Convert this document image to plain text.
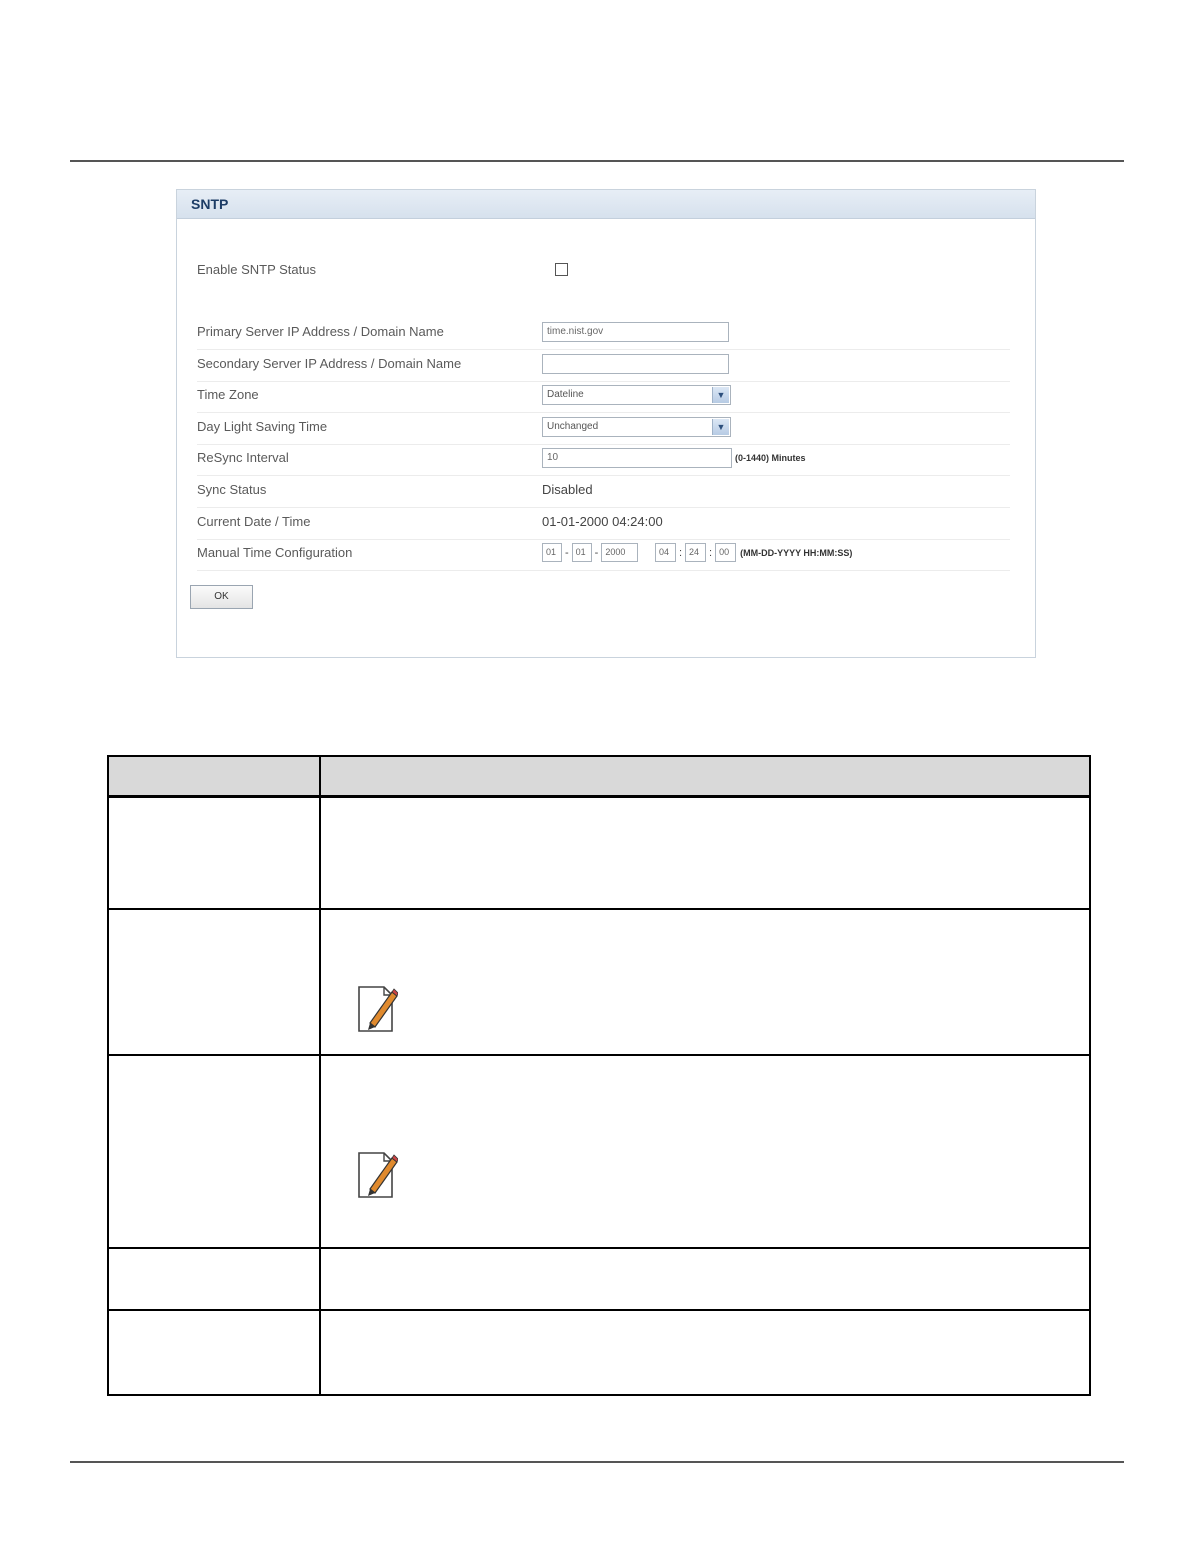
SNTP
Enable SNTP Status
Primary Server IP Address / Domain Name	time.nist.gov
Secondary Server IP Address / Domain Name
Time Zone	Dateline	▼
Day Light Saving Time	Unchanged	▼
ReSync Interval	10	(0-1440) Minutes
Sync Status	Disabled
Current Date / Time	01-01-2000 04:24:00
Manual Time Configuration	01 - 01 - 2000	04 : 24 : 00 (MM-DD-YYYY HH:MM:SS)
OK
